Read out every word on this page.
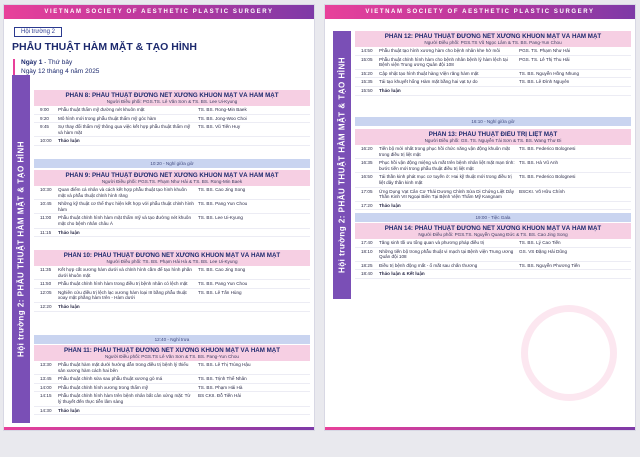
VIETNAM SOCIETY OF AESTHETIC PLASTIC SURGERY
Hội trường 2
PHẪU THUẬT HÀM MẶT & TẠO HÌNH
Ngày 1 - Thứ bảy
Ngày 12 tháng 4 năm 2025
Hội trường 2: PHẪU THUẬT HÀM MẶT & TẠO HÌNH
PHẦN 8: PHẪU THUẬT ĐƯỜNG NÉT XƯƠNG KHUÔN MẶT VÀ HÀM MẶT
Người Điều phối: PGS.TS. Lê Văn Sơn & TS. BS. Lee Ui-Kyung
9:00	Phẫu thuật thẩm mỹ đường nét khuôn mặt	TS. BS. Rong-Min Baek
9:20	Mô hình mới trong phẫu thuật thẩm mỹ góc hàm	TS. BS. Jong-Woo Choi
9:45	Sự thay đổi thẩm mỹ thông qua việc kết hợp phẫu thuật thẩm mỹ và hàm mặt
TS. BS. Vũ Tiến Huy
10:00	Thảo luận
PHẦN 9: PHẪU THUẬT ĐƯỜNG NÉT XƯƠNG KHUÔN MẶT VÀ HÀM MẶT
Người Điều phối: PGS.TS. Phạm Như Hải & TS. BS. Rong-Min Baek
10:30	Quan điểm cá nhân và cách kết hợp phẫu thuật tạo hình khuôn mặt và phẫu thuật chỉnh hình răng
TS. BS. Cao Jing Song
10:45	Những kỹ thuật cơ thể thực hiện kết hợp với phẫu thuật chỉnh hình hàm
TS. BS. Pang Yun Chou
11:00	Phẫu thuật chỉnh hình hàm mặt thẩm mỹ và tạo đường nét khuôn mặt cho bệnh nhân châu Á
TS. BS. Lee Ui-Kyung
11:15	Thảo luận
PHẦN 10: PHẪU THUẬT ĐƯỜNG NÉT XƯƠNG KHUÔN MẶT VÀ HÀM MẶT
Người Điều phối: TS. BS. Phạm Hải Hà & TS. BS. Lee Ui-Kyung
11:35	Kết hợp cắt xương hàm dưới và chỉnh hình cằm để tạo hình phần dưới khuôn mặt
TS. BS. Cao Jing Song
11:50	Phẫu thuật chỉnh hình hàm trong điều trị bệnh nhân có lệch mặt	TS. BS. Pang Yun Chou
12:05	Nghiên cứu điều trị lệch lạc xương hàm loại III bằng phẫu thuật xoay mặt phẳng hàm trên - Hàm dưới
TS. BS. Lê Tấn Hùng
12:20	Thảo luận
PHẦN 11: PHẪU THUẬT ĐƯỜNG NÉT XƯƠNG KHUÔN MẶT VÀ HÀM MẶT
Người Điều phối: PGS.TS Lê Văn Sơn & TS. BS. Pang-Yun Chou
13:30	Phẫu thuật hàm mặt dưới hướng dẫn trong điều trị bệnh lý thiểu sản xương hàm cách hai bên
TS. BS. Lê Thị Trúng Hậu
13:45	Phẫu thuật chỉnh sửa sau phẫu thuật xương gò má	TS. BS. Trịnh Thể Nhân
14:00	Phẫu thuật chỉnh hình xương trong thẩm mỹ	TS. BS. Phạm Hải Hà
14:15	Phẫu thuật chỉnh hình hàm trên bệnh nhân bất cân xứng mặt: Từ lý thuyết đến thực tiễn lâm sàng
BS CKII. Đỗ Tiến Hải
14:30	Thảo luận
10:20 - Nghỉ giữa giờ
12:40 - Nghỉ trưa
VIETNAM SOCIETY OF AESTHETIC PLASTIC SURGERY
Hội trường 2: PHẪU THUẬT HÀM MẶT & TẠO HÌNH
PHẦN 12: PHẪU THUẬT ĐƯỜNG NÉT XƯƠNG KHUÔN MẶT VÀ HÀM MẶT
Người Điều phối: PGS.TS Vũ Ngọc Lâm & TS. BS. Pang-Yun Chou
14:50	Phẫu thuật tạo hình xương hàm cho bệnh nhân khe hở môi	PGS. TS. Phạm Như Hải
15:05	Phẫu thuật chỉnh hình hàm cho bệnh nhân bệnh lý hàm lệch tại Bệnh viện Trung ương Quân đội 108
PGS. TS. Lê Thị Thu Hải
15:20	Cập nhật tạo hình thuật hàng Viện răng hàm mặt	TS. BS. Nguyễn Hồng Nhung
15:35	Tái tạo khuyết hổng Hàm mặt bằng hai vạt tự do	TS. BS. Lê Đình Nguyên
15:50	Thảo luận
PHẦN 13: PHẪU THUẬT ĐIỀU TRỊ LIỆT MẶT
Người Điều phối: GS. TS. Nguyễn Tài Sơn & TS. BS. Wang Thư Đi
16:20	Tiến bộ mới nhất trong phục hồi chức năng vận động khuôn mặt trong điều trị liệt mặt
TS. BS. Federico Bolognesi
16:35	Phục hồi vận động miệng và mắt trên bệnh nhân liệt mặt mạn tính: bước tiến mới trong phẫu thuật điều trị liệt mặt
TS. BS. Hà Vũ Anh
16:50	Tái thần kinh phát mục cơ tuyến ở: Hai kỹ thuật mới trong điều trị liệt dây thần kinh mặt
TS. BS. Federico Bolognesi
17:05	Ứng Dụng Vạt Cân Cơ Thái Dương Chỉnh Sửa Di Chứng Liệt Dây Thần Kinh VII Ngoại Biên Tại Bệnh Viện Thẩm Mỹ Kangnam
BSCKI. Võ Hữu Chính
17:20	Thảo luận
PHẦN 14: PHẪU THUẬT ĐƯỜNG NÉT XƯƠNG KHUÔN MẶT VÀ HÀM MẶT
Người Điều phối: PGS.TS. Nguyễn Quang Đức & TS. BS. Cao Jing Song
17:40	Tăng sinh tối ưu tổng quan và phương pháp điều trị	TS. BS. Lý Cao Tiến
18:10	Những tiến bộ trong phẫu thuật vi mạch tại Bệnh viện Trung ương Quân đội 108
GS. VS Đặng Hải Dũng
18:25	Điều trị bệnh động mắt - ổ mắt sau chấn thương	TS. BS. Nguyễn Phương Tiến
18:40	Thảo luận & Kết luận
16:10 - Nghỉ giữa giờ
19:00 - Tiệc Gala
